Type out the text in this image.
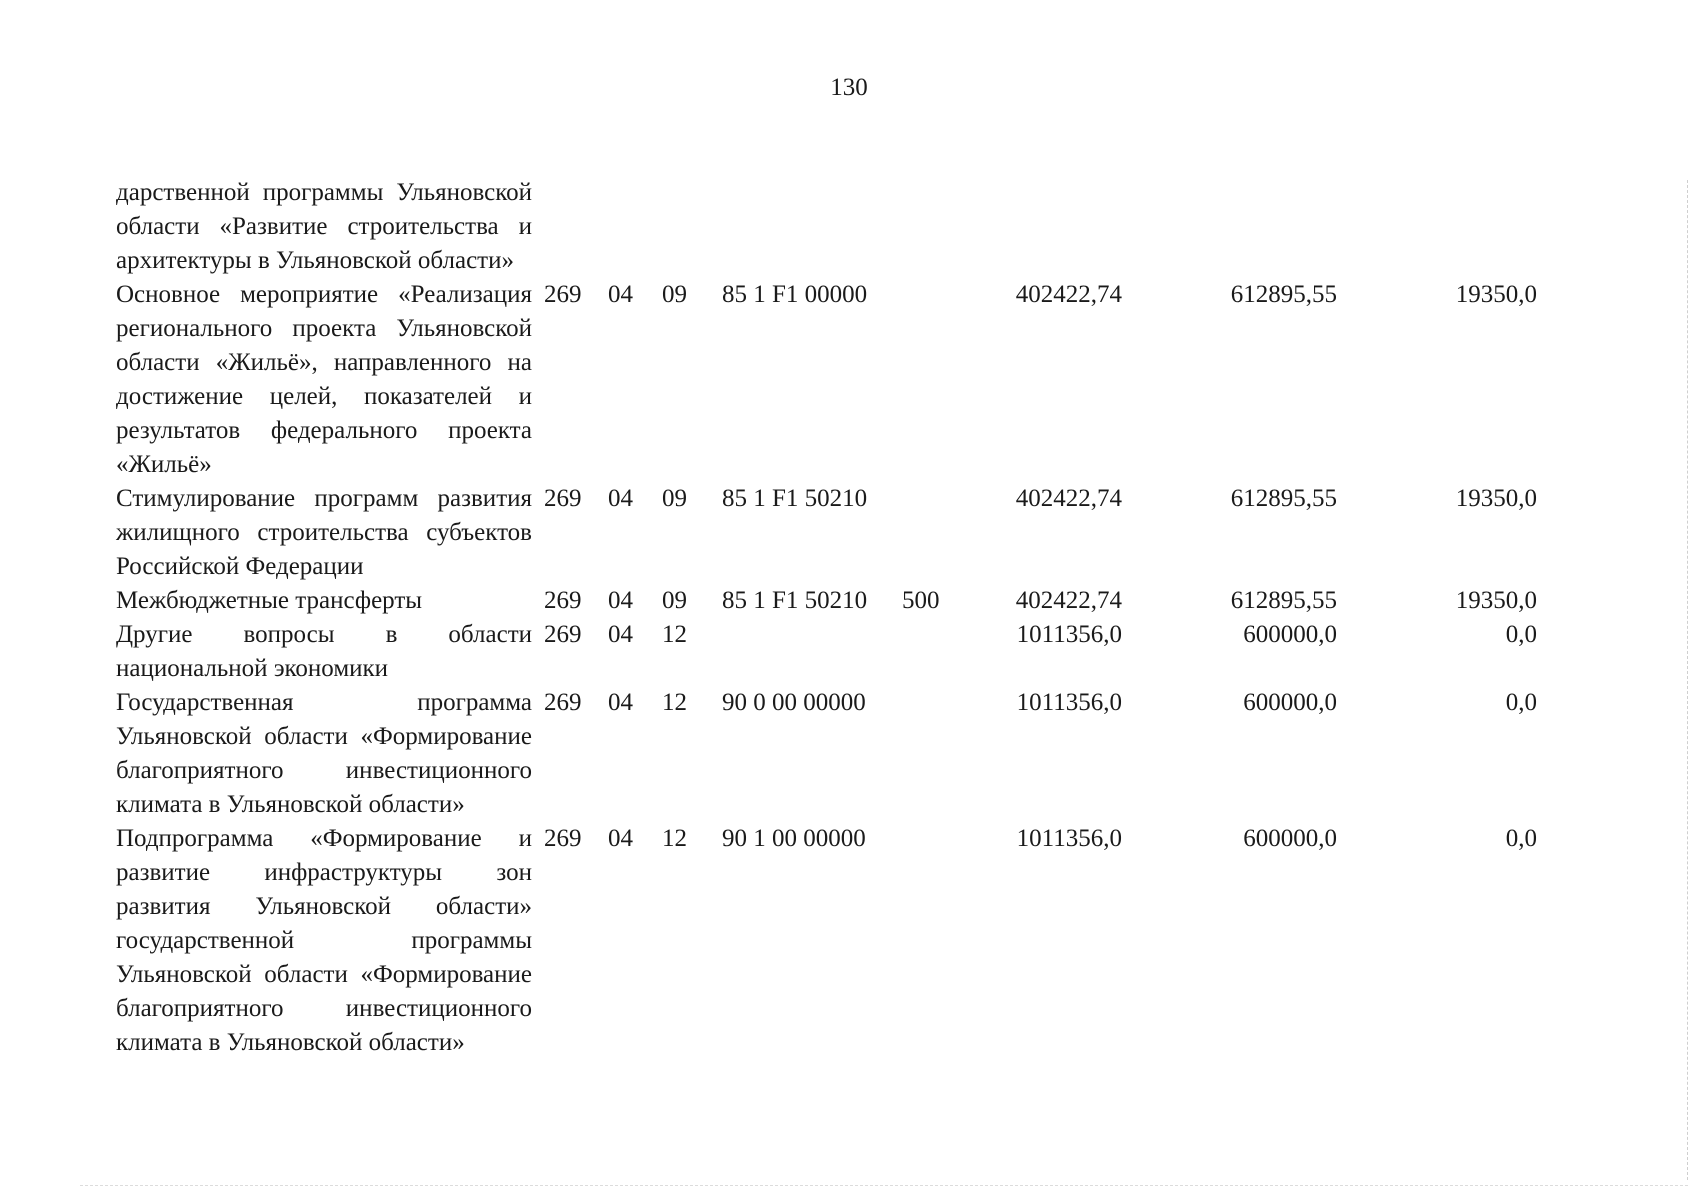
130
дарственной программы Ульяновской области «Развитие строительства и архитектуры в Ульяновской области»								
Основное мероприятие «Реализация регионального проекта Ульяновской области «Жильё», направленного на достижение целей, показателей и результатов федерального проекта «Жильё»	269	04	09	85 1 F1 00000		402422,74	612895,55	19350,0
Стимулирование программ развития жилищного строительства субъектов Российской Федерации	269	04	09	85 1 F1 50210		402422,74	612895,55	19350,0
Межбюджетные трансферты	269	04	09	85 1 F1 50210	500	402422,74	612895,55	19350,0
Другие вопросы в области национальной экономики	269	04	12			1011356,0	600000,0	0,0
Государственная программа Ульяновской области «Формирование благоприятного инвестиционного климата в Ульяновской области»	269	04	12	90 0 00 00000		1011356,0	600000,0	0,0
Подпрограмма «Формирование и развитие инфраструктуры зон развития Ульяновской области» государственной программы Ульяновской области «Формирование благоприятного инвестиционного климата в Ульяновской области»	269	04	12	90 1 00 00000		1011356,0	600000,0	0,0
